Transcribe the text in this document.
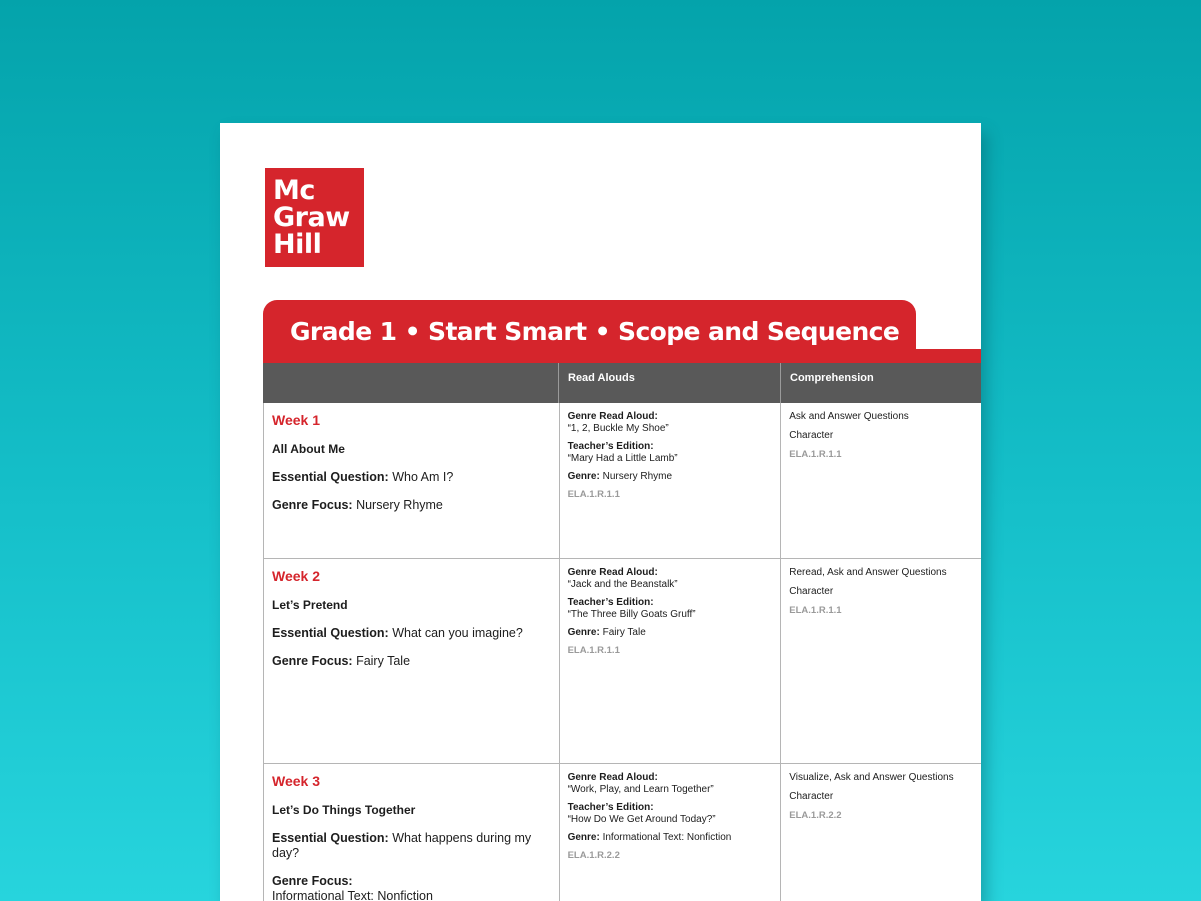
Mc
Graw
Hill
Grade 1 • Start Smart • Scope and Sequence
Read Alouds	Comprehension
Week 1
All About Me
Essential Question: Who Am I?
Genre Focus: Nursery Rhyme
Genre Read Aloud:
“1, 2, Buckle My Shoe”
Teacher’s Edition:
“Mary Had a Little Lamb”
Genre: Nursery Rhyme
ELA.1.R.1.1
Ask and Answer Questions
Character
ELA.1.R.1.1
Week 2
Let’s Pretend
Essential Question: What can you imagine?
Genre Focus: Fairy Tale
Genre Read Aloud:
“Jack and the Beanstalk”
Teacher’s Edition:
“The Three Billy Goats Gruff”
Genre: Fairy Tale
ELA.1.R.1.1
Reread, Ask and Answer Questions
Character
ELA.1.R.1.1
Week 3
Let’s Do Things Together
Essential Question: What happens during my day?
Genre Focus:
Informational Text: Nonfiction
Genre Read Aloud:
“Work, Play, and Learn Together”
Teacher’s Edition:
“How Do We Get Around Today?”
Genre: Informational Text: Nonfiction
ELA.1.R.2.2
Visualize, Ask and Answer Questions
Character
ELA.1.R.2.2
